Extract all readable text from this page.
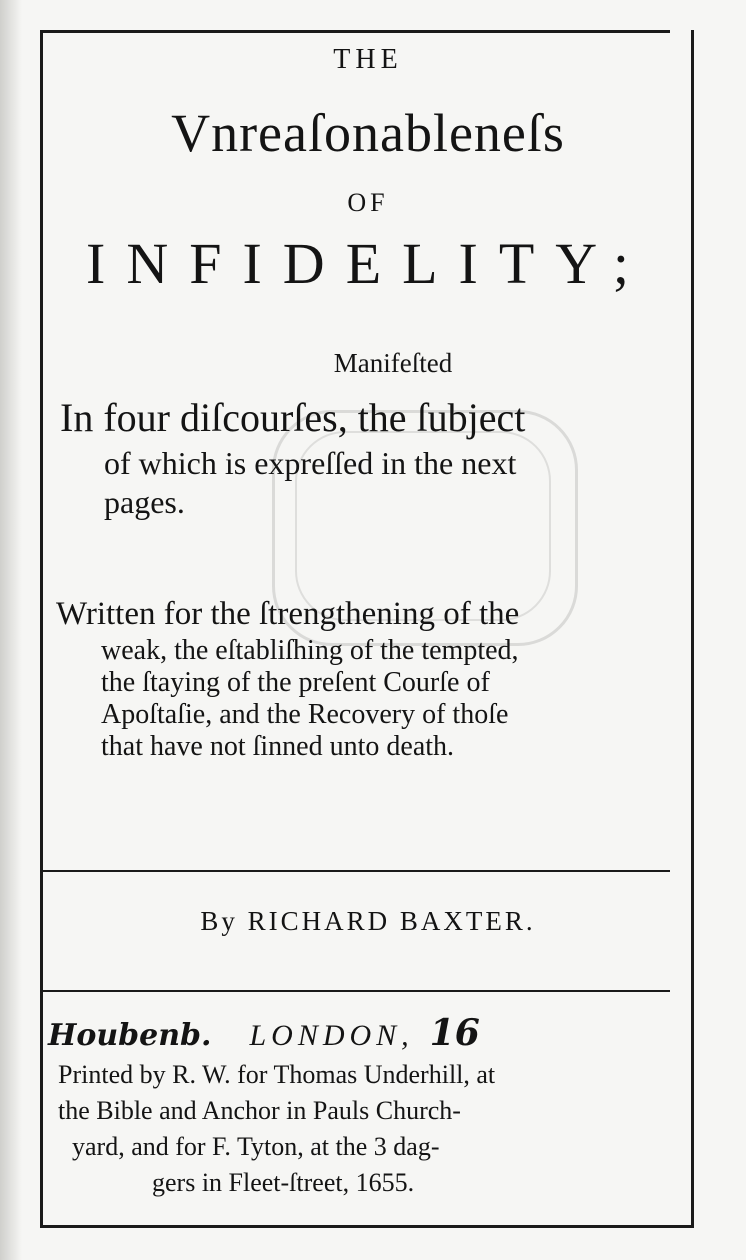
THE
Vnreaſonableneſs
OF
INFIDELITY;
Manifeſted
In four diſcourſes, the ſubject
of which is expreſſed in the next
pages.
Written for the ſtrengthening of the
weak, the eſtabliſhing of the tempted,
the ſtaying of the preſent Courſe of
Apoſtaſie, and the Recovery of thoſe
that have not ſinned unto death.
By RICHARD BAXTER.
Houbenb. LONDON, 16
Printed by R. W. for Thomas Underhill, at
the Bible and Anchor in Pauls Church-
yard, and for F. Tyton, at the 3 dag-
gers in Fleet-ſtreet, 1655.
